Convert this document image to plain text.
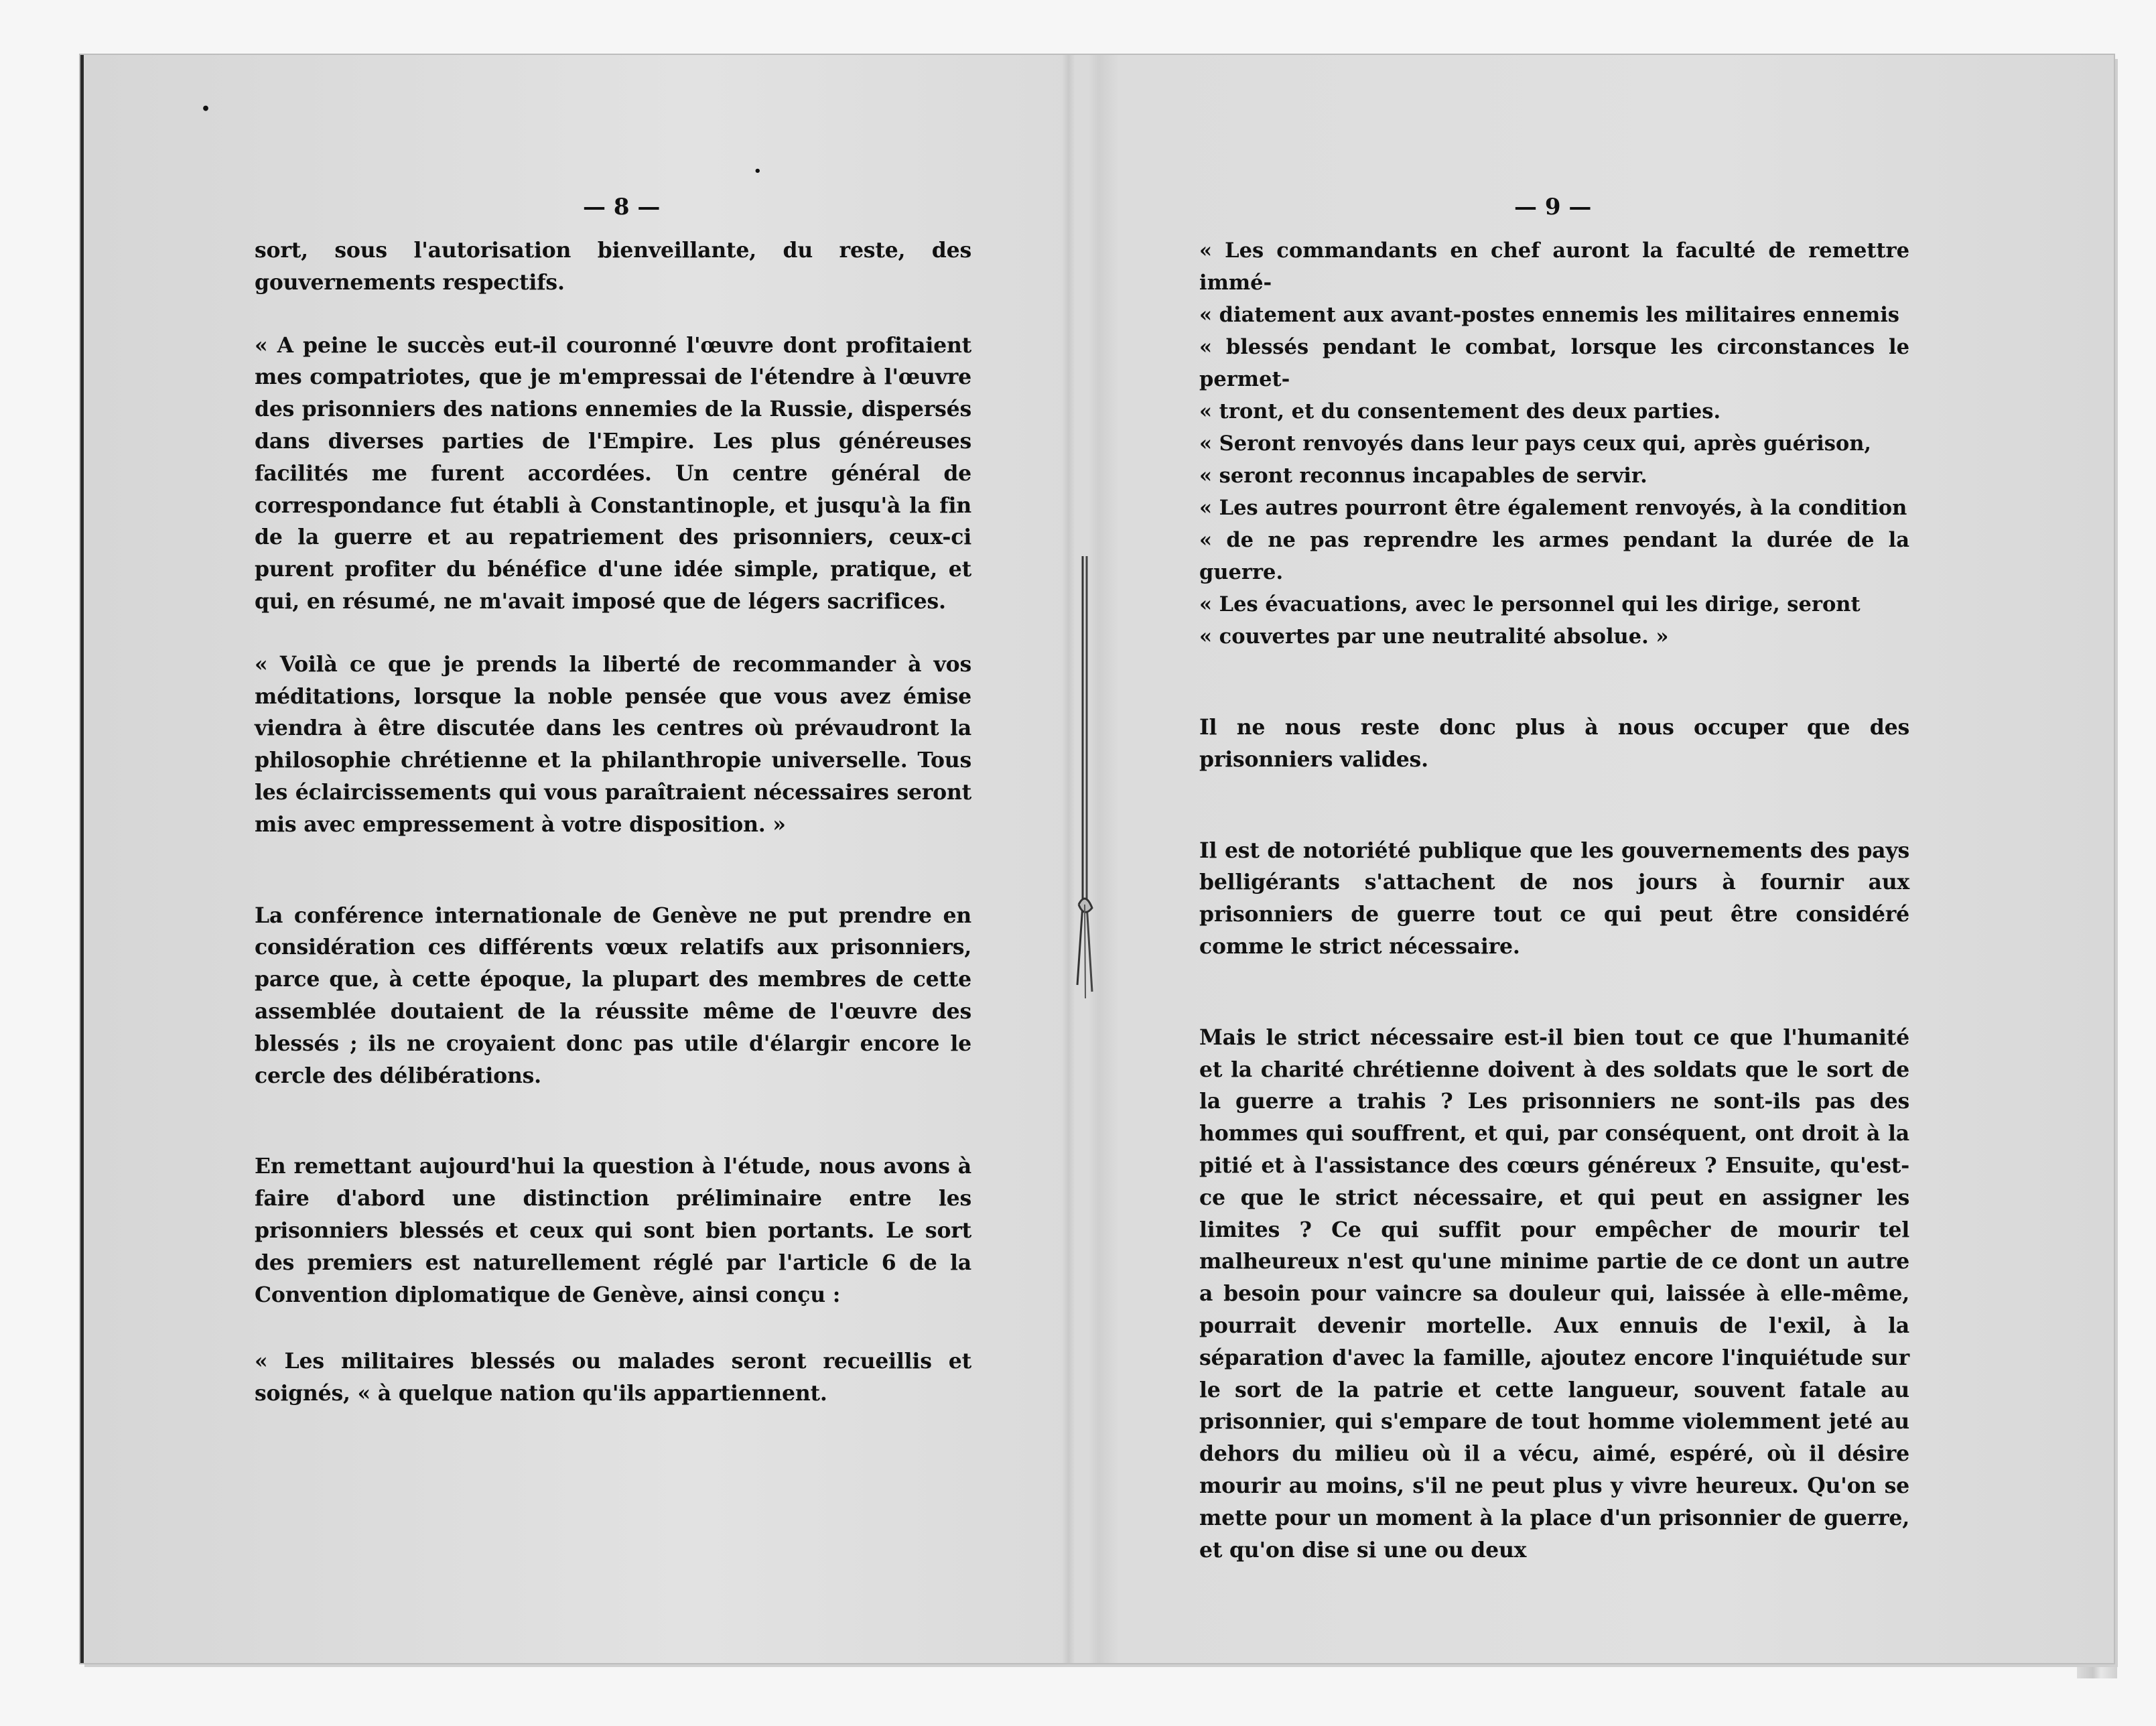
•
•
— 8 —

sort, sous l'autorisation bienveillante, du reste, des gouvernements respectifs.

« A peine le succès eut-il couronné l'œuvre dont profitaient mes compatriotes, que je m'empressai de l'étendre à l'œuvre des prisonniers des nations ennemies de la Russie, dispersés dans diverses parties de l'Empire. Les plus généreuses facilités me furent accordées. Un centre général de correspondance fut établi à Constantinople, et jusqu'à la fin de la guerre et au repatriement des prisonniers, ceux-ci purent profiter du bénéfice d'une idée simple, pratique, et qui, en résumé, ne m'avait imposé que de légers sacrifices.

« Voilà ce que je prends la liberté de recommander à vos méditations, lorsque la noble pensée que vous avez émise viendra à être discutée dans les centres où prévaudront la philosophie chrétienne et la philanthropie universelle. Tous les éclaircissements qui vous paraîtraient nécessaires seront mis avec empressement à votre disposition. »

La conférence internationale de Genève ne put prendre en considération ces différents vœux relatifs aux prisonniers, parce que, à cette époque, la plupart des membres de cette assemblée doutaient de la réussite même de l'œuvre des blessés ; ils ne croyaient donc pas utile d'élargir encore le cercle des délibérations.

En remettant aujourd'hui la question à l'étude, nous avons à faire d'abord une distinction préliminaire entre les prisonniers blessés et ceux qui sont bien portants. Le sort des premiers est naturellement réglé par l'article 6 de la Convention diplomatique de Genève, ainsi conçu :

« Les militaires blessés ou malades seront recueillis et soignés, « à quelque nation qu'ils appartiennent.

— 9 —
« Les commandants en chef auront la faculté de remettre immé-
« diatement aux avant-postes ennemis les militaires ennemis
« blessés pendant le combat, lorsque les circonstances le permet-
« tront, et du consentement des deux parties.
« Seront renvoyés dans leur pays ceux qui, après guérison,
« seront reconnus incapables de servir.
« Les autres pourront être également renvoyés, à la condition
« de ne pas reprendre les armes pendant la durée de la guerre.
« Les évacuations, avec le personnel qui les dirige, seront
« couvertes par une neutralité absolue. »

Il ne nous reste donc plus à nous occuper que des prisonniers valides.

Il est de notoriété publique que les gouvernements des pays belligérants s'attachent de nos jours à fournir aux prisonniers de guerre tout ce qui peut être considéré comme le strict nécessaire.

Mais le strict nécessaire est-il bien tout ce que l'humanité et la charité chrétienne doivent à des soldats que le sort de la guerre a trahis ? Les prisonniers ne sont-ils pas des hommes qui souffrent, et qui, par conséquent, ont droit à la pitié et à l'assistance des cœurs généreux ? Ensuite, qu'est-ce que le strict nécessaire, et qui peut en assigner les limites ? Ce qui suffit pour empêcher de mourir tel malheureux n'est qu'une minime partie de ce dont un autre a besoin pour vaincre sa douleur qui, laissée à elle-même, pourrait devenir mortelle. Aux ennuis de l'exil, à la séparation d'avec la famille, ajoutez encore l'inquiétude sur le sort de la patrie et cette langueur, souvent fatale au prisonnier, qui s'empare de tout homme violemment jeté au dehors du milieu où il a vécu, aimé, espéré, où il désire mourir au moins, s'il ne peut plus y vivre heureux. Qu'on se mette pour un moment à la place d'un prisonnier de guerre, et qu'on dise si une ou deux
